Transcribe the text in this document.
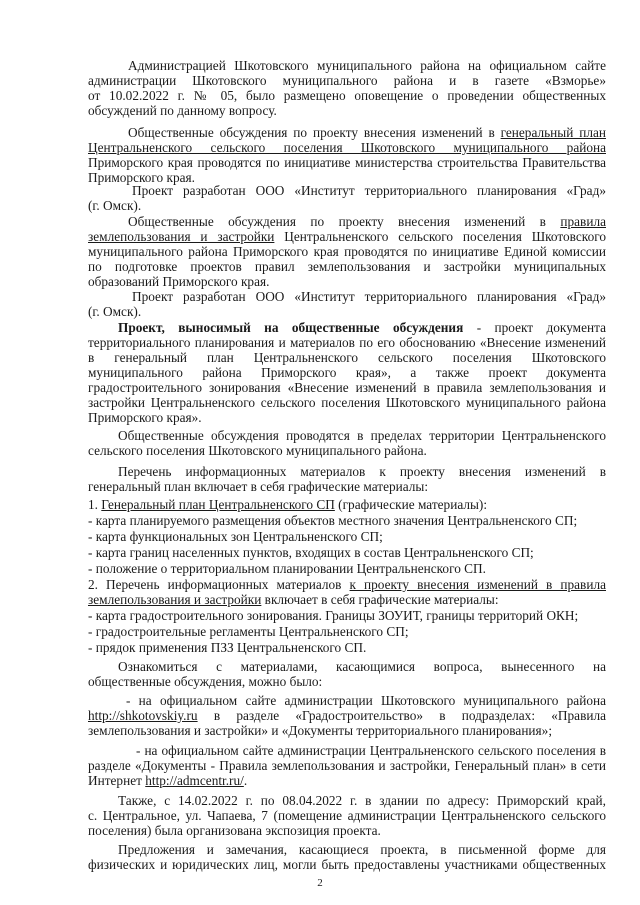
Администрацией Шкотовского муниципального района на официальном сайте

администрации Шкотовского муниципального района и в газете «Взморье»

от 10.02.2022 г. № 05, было размещено оповещение о проведении общественных

обсуждений по данному вопросу.

Общественные обсуждения по проекту внесения изменений в генеральный план

Центральненского сельского поселения Шкотовского муниципального района

Приморского края проводятся по инициативе министерства строительства Правительства

Приморского края.

Проект разработан ООО «Институт территориального планирования «Град»

(г. Омск).

Общественные обсуждения по проекту внесения изменений в правила

землепользования и застройки Центральненского сельского поселения Шкотовского

муниципального района Приморского края проводятся по инициативе Единой комиссии

по подготовке проектов правил землепользования и застройки муниципальных

образований Приморского края.

Проект разработан ООО «Институт территориального планирования «Град»

(г. Омск).

Проект, выносимый на общественные обсуждения - проект документа

территориального планирования и материалов по его обоснованию «Внесение изменений

в генеральный план Центральненского сельского поселения Шкотовского

муниципального района Приморского края», а также проект документа

градостроительного зонирования «Внесение изменений в правила землепользования и

застройки Центральненского сельского поселения Шкотовского муниципального района

Приморского края».

Общественные обсуждения проводятся в пределах территории Центральненского

сельского поселения Шкотовского муниципального района.

Перечень информационных материалов к проекту внесения изменений в

генеральный план включает в себя графические материалы:

1. Генеральный план Центральненского СП (графические материалы):

- карта планируемого размещения объектов местного значения Центральненского СП;

- карта функциональных зон Центральненского СП;

- карта границ населенных пунктов, входящих в состав Центральненского СП;

- положение о территориальном планировании Центральненского СП.

2. Перечень информационных материалов к проекту внесения изменений в правила

землепользования и застройки включает в себя графические материалы:

- карта градостроительного зонирования. Границы ЗОУИТ, границы территорий ОКН;

- градостроительные регламенты Центральненского СП;

- прядок применения ПЗЗ Центральненского СП.

Ознакомиться с материалами, касающимися вопроса, вынесенного на

общественные обсуждения, можно было:

- на официальном сайте администрации Шкотовского муниципального района

http://shkotovskiy.ru в разделе «Градостроительство» в подразделах: «Правила

землепользования и застройки» и «Документы территориального планирования»;

- на официальном сайте администрации Центральненского сельского поселения в

разделе «Документы - Правила землепользования и застройки, Генеральный план» в сети

Интернет http://admcentr.ru/.

Также, с 14.02.2022 г. по 08.04.2022 г. в здании по адресу: Приморский край,

с. Центральное, ул. Чапаева, 7 (помещение администрации Центральненского сельского

поселения) была организована экспозиция проекта.

Предложения и замечания, касающиеся проекта, в письменной форме для

физических и юридических лиц, могли быть предоставлены участниками общественных

2
